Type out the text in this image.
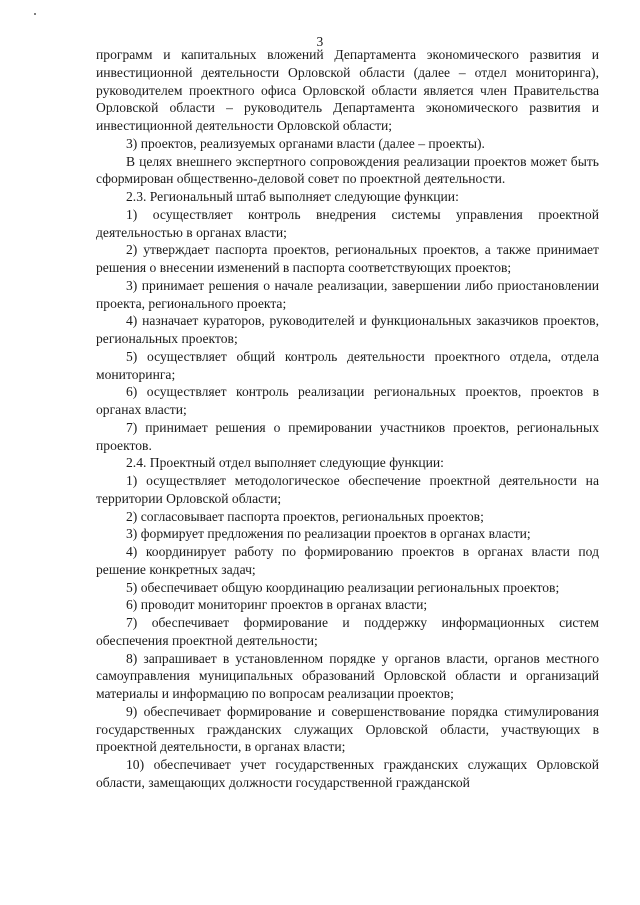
3

программ и капитальных вложений Департамента экономического развития и инвестиционной деятельности Орловской области (далее – отдел мониторинга), руководителем проектного офиса Орловской области является член Правительства Орловской области – руководитель Департамента экономического развития и инвестиционной деятельности Орловской области;

3) проектов, реализуемых органами власти (далее – проекты).

В целях внешнего экспертного сопровождения реализации проектов может быть сформирован общественно-деловой совет по проектной деятельности.

2.3. Региональный штаб выполняет следующие функции:

1) осуществляет контроль внедрения системы управления проектной деятельностью в органах власти;

2) утверждает паспорта проектов, региональных проектов, а также принимает решения о внесении изменений в паспорта соответствующих проектов;

3) принимает решения о начале реализации, завершении либо приостановлении проекта, регионального проекта;

4) назначает кураторов, руководителей и функциональных заказчиков проектов, региональных проектов;

5) осуществляет общий контроль деятельности проектного отдела, отдела мониторинга;

6) осуществляет контроль реализации региональных проектов, проектов в органах власти;

7) принимает решения о премировании участников проектов, региональных проектов.

2.4. Проектный отдел выполняет следующие функции:

1) осуществляет методологическое обеспечение проектной деятельности на территории Орловской области;

2) согласовывает паспорта проектов, региональных проектов;

3) формирует предложения по реализации проектов в органах власти;

4) координирует работу по формированию проектов в органах власти под решение конкретных задач;

5) обеспечивает общую координацию реализации региональных проектов;

6) проводит мониторинг проектов в органах власти;

7) обеспечивает формирование и поддержку информационных систем обеспечения проектной деятельности;

8) запрашивает в установленном порядке у органов власти, органов местного самоуправления муниципальных образований Орловской области и организаций материалы и информацию по вопросам реализации проектов;

9) обеспечивает формирование и совершенствование порядка стимулирования государственных гражданских служащих Орловской области, участвующих в проектной деятельности, в органах власти;

10) обеспечивает учет государственных гражданских служащих Орловской области, замещающих должности государственной гражданской
